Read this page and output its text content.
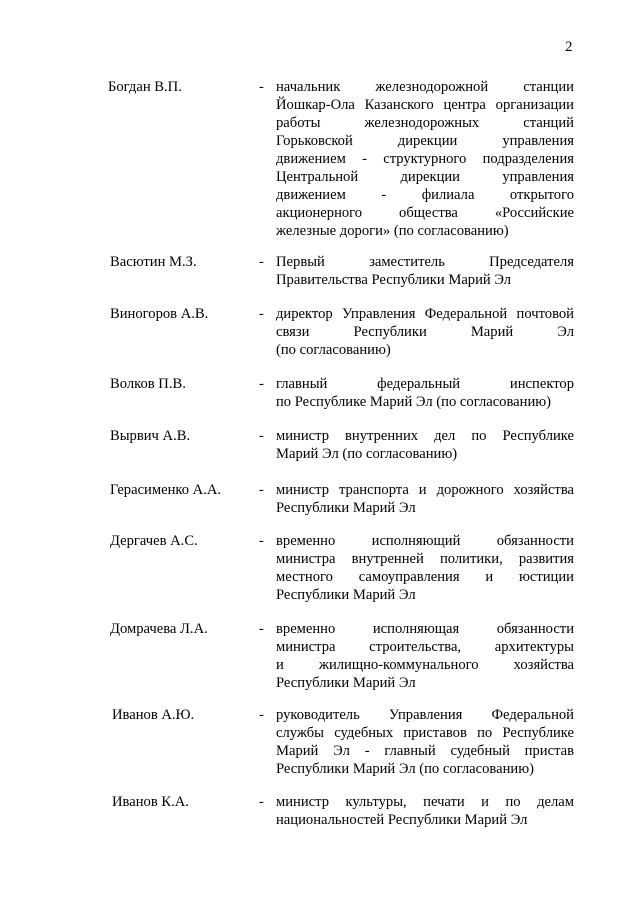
2
Богдан В.П.	- начальник железнодорожной станции
Йошкар-Ола Казанского центра организации
работы железнодорожных станций
Горьковской дирекции управления
движением - структурного подразделения
Центральной дирекции управления
движением - филиала открытого
акционерного общества «Российские
железные дороги» (по согласованию)
Васютин М.З.	- Первый заместитель Председателя
Правительства Республики Марий Эл
Виногоров А.В.	- директор Управления Федеральной почтовой
связи Республики Марий Эл
(по согласованию)
Волков П.В.	- главный федеральный инспектор
по Республике Марий Эл (по согласованию)
Вырвич А.В.	- министр внутренних дел по Республике
Марий Эл (по согласованию)
Герасименко А.А.	- министр транспорта и дорожного хозяйства
Республики Марий Эл
Дергачев А.С.	- временно исполняющий обязанности
министра внутренней политики, развития
местного самоуправления и юстиции
Республики Марий Эл
Домрачева Л.А.	- временно исполняющая обязанности
министра строительства, архитектуры
и жилищно-коммунального хозяйства
Республики Марий Эл
Иванов А.Ю.	- руководитель Управления Федеральной
службы судебных приставов по Республике
Марий Эл - главный судебный пристав
Республики Марий Эл (по согласованию)
Иванов К.А.	- министр культуры, печати и по делам
национальностей Республики Марий Эл
